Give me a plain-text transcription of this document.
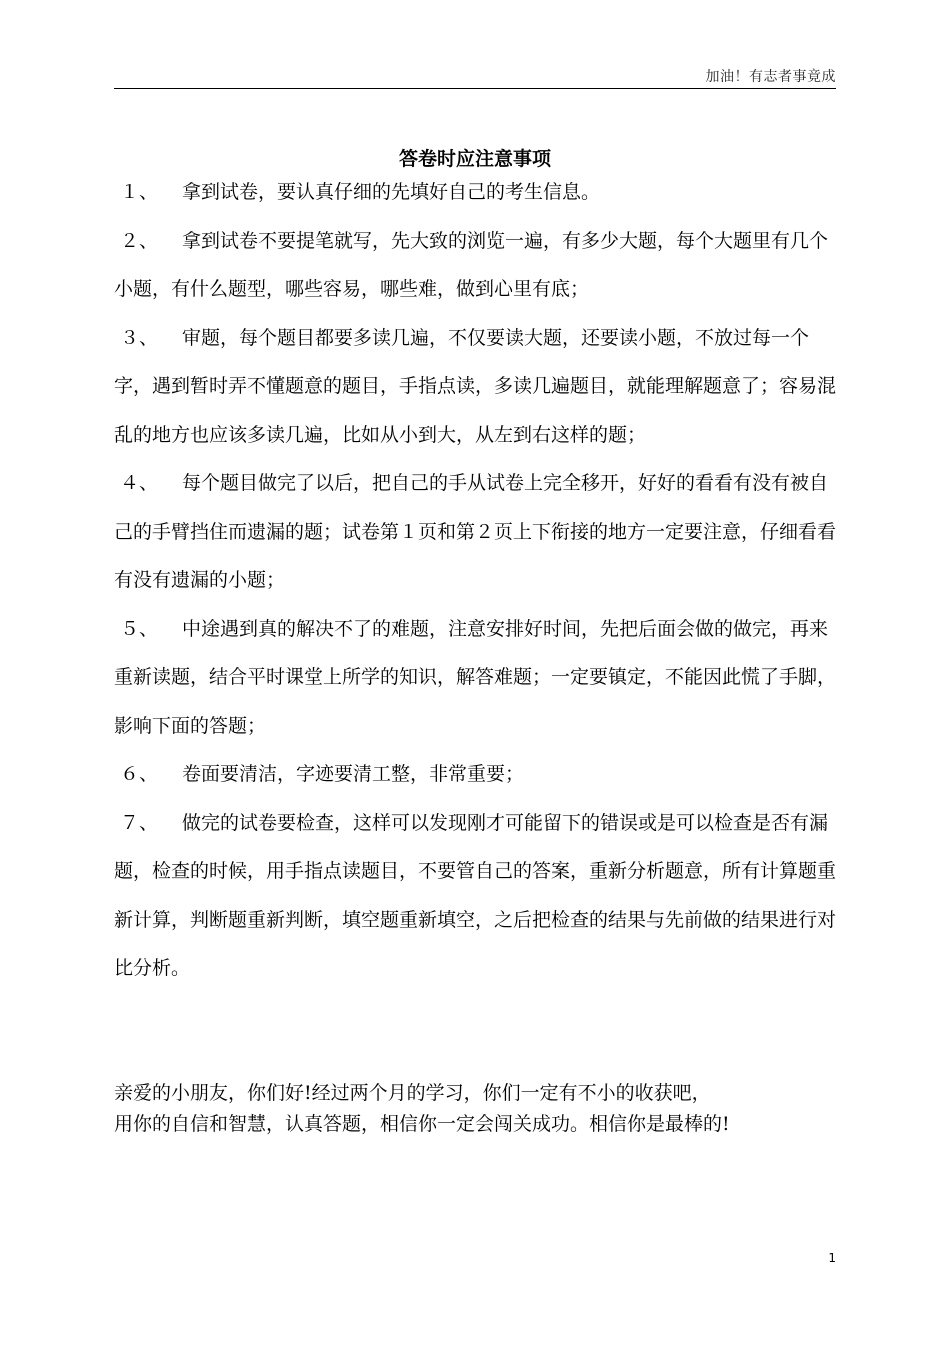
加油！有志者事竟成
答卷时应注意事项

１、 拿到试卷，要认真仔细的先填好自己的考生信息。

２、 拿到试卷不要提笔就写，先大致的浏览一遍，有多少大题，每个大题里有几个小题，有什么题型，哪些容易，哪些难，做到心里有底；

３、 审题，每个题目都要多读几遍，不仅要读大题，还要读小题，不放过每一个字，遇到暂时弄不懂题意的题目，手指点读，多读几遍题目，就能理解题意了；容易混乱的地方也应该多读几遍，比如从小到大，从左到右这样的题；

４、 每个题目做完了以后，把自己的手从试卷上完全移开，好好的看看有没有被自己的手臂挡住而遗漏的题；试卷第１页和第２页上下衔接的地方一定要注意，仔细看看有没有遗漏的小题；

５、 中途遇到真的解决不了的难题，注意安排好时间，先把后面会做的做完，再来重新读题，结合平时课堂上所学的知识，解答难题；一定要镇定，不能因此慌了手脚，影响下面的答题；

６、 卷面要清洁，字迹要清工整，非常重要；

７、 做完的试卷要检查，这样可以发现刚才可能留下的错误或是可以检查是否有漏题，检查的时候，用手指点读题目，不要管自己的答案，重新分析题意，所有计算题重新计算，判断题重新判断，填空题重新填空，之后把检查的结果与先前做的结果进行对比分析。

亲爱的小朋友，你们好!经过两个月的学习，你们一定有不小的收获吧，

用你的自信和智慧，认真答题，相信你一定会闯关成功。相信你是最棒的!

1
